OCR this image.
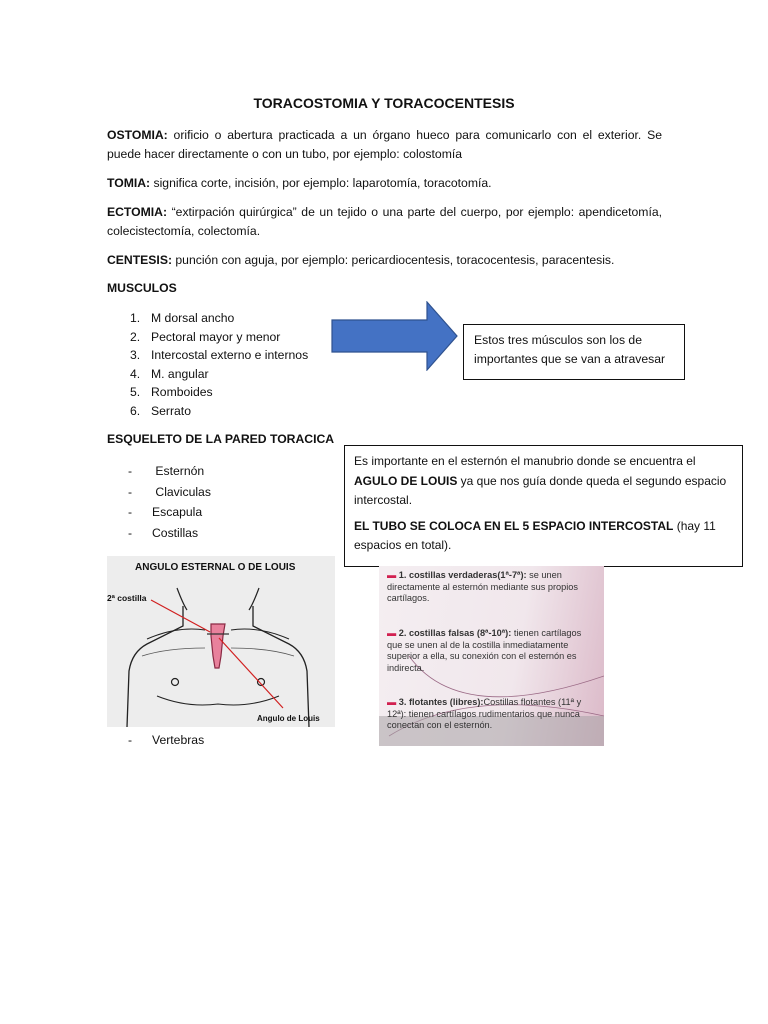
TORACOSTOMIA Y TORACOCENTESIS
OSTOMIA: orificio o abertura practicada a un órgano hueco para comunicarlo con el exterior. Se puede hacer directamente o con un tubo, por ejemplo: colostomía
TOMIA: significa corte, incisión, por ejemplo: laparotomía, toracotomía.
ECTOMIA: “extirpación quirúrgica” de un tejido o una parte del cuerpo, por ejemplo: apendicetomía, colecistectomía, colectomía.
CENTESIS: punción con aguja, por ejemplo: pericardiocentesis, toracocentesis, paracentesis.
MUSCULOS
1. M dorsal ancho
2. Pectoral mayor y menor
3. Intercostal externo e internos
4. M. angular
5. Romboides
6. Serrato
Estos tres músculos son los de importantes que se van a atravesar
ESQUELETO DE LA PARED TORACICA
- Esternón
- Claviculas
- Escapula
- Costillas
Es importante en el esternón el manubrio donde se encuentra el AGULO DE LOUIS ya que nos guía donde queda el segundo espacio intercostal.
EL TUBO SE COLOCA EN EL 5 ESPACIO INTERCOSTAL (hay 11 espacios en total).
ANGULO ESTERNAL O DE LOUIS
2ª costilla
Angulo de Louis
- Vertebras
▬ 1. costillas verdaderas(1ª-7ª): se unen directamente al esternón mediante sus propios cartílagos.
▬ 2. costillas falsas (8ª-10ª): tienen cartílagos que se unen al de la costilla inmediatamente superior a ella, su conexión con el esternón es indirecta.
▬ 3. flotantes (libres):Costillas flotantes (11ª y 12ª): tienen cartílagos rudimentarios que nunca conectan con el esternón.
